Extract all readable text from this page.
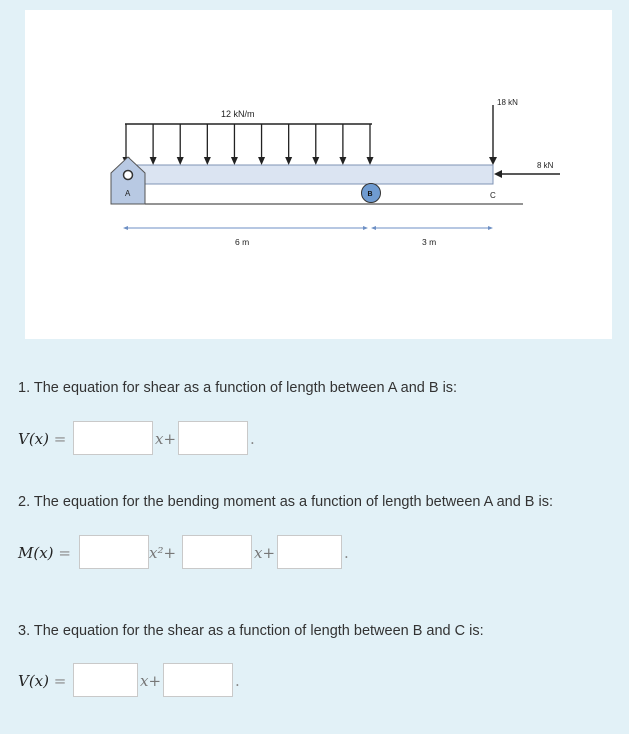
12 kN/m
A	B	C
18 kN
8 kN
6 m	3 m
1. The equation for shear as a function of length between A and B is:
V(x) =	x+	.
2. The equation for the bending moment as a function of length between A and B is:
M(x) =	x²+	x+	.
3. The equation for the shear as a function of length between B and C is:
V(x) =	x+	.
